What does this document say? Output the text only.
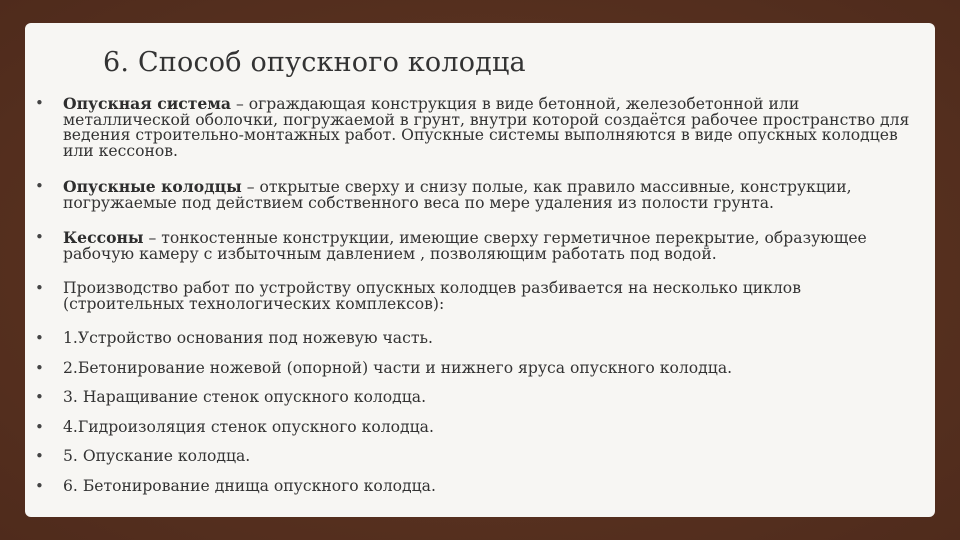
6. Способ опускного колодца
• Опускная система – ограждающая конструкция в виде бетонной, железобетонной или металлической оболочки, погружаемой в грунт, внутри которой создаётся рабочее пространство для ведения строительно-монтажных работ. Опускные системы выполняются в виде опускных колодцев или кессонов.
• Опускные колодцы – открытые сверху и снизу полые, как правило массивные, конструкции, погружаемые под действием собственного веса по мере удаления из полости грунта.
• Кессоны – тонкостенные конструкции, имеющие сверху герметичное перекрытие, образующее рабочую камеру с избыточным давлением , позволяющим работать под водой.
• Производство работ по устройству опускных колодцев разбивается на несколько циклов (строительных технологических комплексов):
• 1.Устройство основания под ножевую часть.
• 2.Бетонирование ножевой (опорной) части и нижнего яруса опускного колодца.
• 3. Наращивание стенок опускного колодца.
• 4.Гидроизоляция стенок опускного колодца.
• 5. Опускание колодца.
• 6. Бетонирование днища опускного колодца.
